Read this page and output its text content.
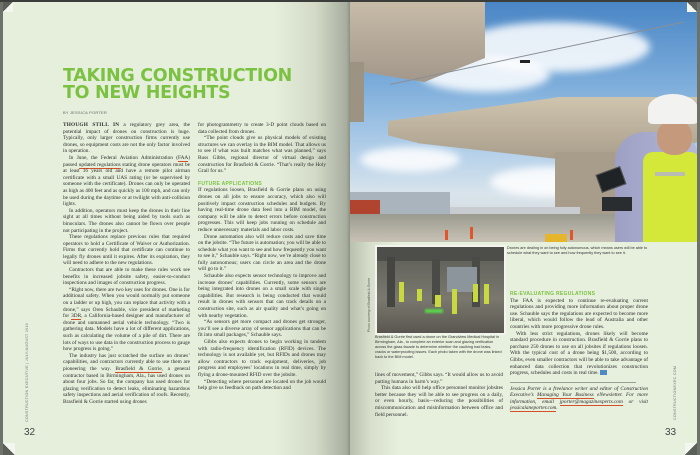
TAKING CONSTRUCTION
TO NEW HEIGHTS
BY JESSICA PORTER

THOUGH STILL IN a regulatory grey area, the potential impact of drones on construction is huge. Typically, only larger construction firms currently use drones, so equipment costs are not the only factor involved in operation.

In June, the Federal Aviation Administration (FAA) passed updated regulations stating drone operators must be at least 16 years old and have a remote pilot airman certificate with a small UAS rating (or be supervised by someone with the certificate). Drones can only be operated as high as 400 feet and as quickly as 100 mph, and can only be used during the daytime or at twilight with anti-collision lights.

In addition, operators must keep the drones in their line sight at all times without being aided by tools such as binoculars. The drones also cannot be flown over people not participating in the project.

These regulations replace previous rules that required operators to hold a Certificate of Waiver or Authorization. Firms that currently hold that certificate can continue to legally fly drones until it expires. After its expiration, they will need to adhere to the new regulations.

Contractors that are able to make these rules work see benefits in increased jobsite safety, easier-to-conduct inspections and images of construction progress.

“Right now, there are two key uses for drones. One is for additional safety. When you would normally put someone on a ladder or up high, you can replace that activity with a drone,” says Oren Schauble, vice president of marketing for 3DR, a California-based designer and manufacturer of drone and unmanned aerial vehicle technology. “Two is gathering data. Models have a lot of different applications, such as calculating the volume of a pile of dirt. There are lots of ways to use data in the construction process to gauge how progress is going.”

The industry has just scratched the surface on drones’ capabilities, and contractors currently able to use them are pioneering the way. Brasfield & Gorrie, a general contractor based in Birmingham, Ala., has used drones on about four jobs. So far, the company has used drones for glazing verification to detect leaks, eliminating hazardous safety inspections and aerial verification of roofs. Recently, Brasfield & Gorrie started using drones

for photogrammetry to create 3-D point clouds based on data collected from drones.

“The point clouds give us physical models of existing structures we can overlay in the BIM model. That allows us to see if what was built matches what was planned,” says Russ Gibbs, regional director of virtual design and construction for Brasfield & Gorrie. “That’s really the Holy Grail for us.”

FUTURE APPLICATIONS

If regulations loosen, Brasfield & Gorrie plans on using drones on all jobs to ensure accuracy, which also will positively impact construction schedules and budgets. By having real-time drone data feed into a BIM model, the company will be able to detect errors before construction progresses. This will keep jobs running on schedule and reduce unnecessary materials and labor costs.

Drone automation also will reduce costs and save time on the jobsite. “The future is automation; you will be able to schedule what you want to see and how frequently you want to see it,” Schauble says. “Right now, we’re already close to fully autonomous; users can circle an area and the drone will go to it.”

Schauble also expects sensor technology to improve and increase drones’ capabilities. Currently, some sensors are being integrated into drones on a small scale with single capabilities. But research is being conducted that would result in drones with sensors that can track details on a construction site, such as air quality and what’s going on with nearby vegetation.

“As sensors get more compact and drones get stronger, you’ll see a diverse array of sensor applications that can be fit into small packages,” Schauble says.

Gibbs also expects drones to begin working in tandem with radio-frequency identification (RFID) devices. The technology is not available yet, but RFIDs and drones may allow contractors to track equipment, deliveries, job progress and employees’ locations in real time, simply by flying a drone-mounted RFID over the jobsite.

“Detecting where personnel are located on the job would help give us feedback on path detection and

CONSTRUCTION EXECUTIVE | JULY/AUGUST 2016
32
Drones are dealing in on being fully autonomous, which means users will be able to schedule what they want to see and how frequently they want to see it.
Photo courtesy of Brasfield & Gorrie
Brasfield & Gorrie first used a drone on the Grandview Medical Hospital in Birmingham, Ala., to complete an exterior scan and glazing verification across the glass facade to determine whether the caulking had leaks, cracks or waterproofing issues. Each photo taken with the drone was linked back to the BIM model.

lines of movement,” Gibbs says. “It would allow us to avoid putting humans in harm’s way.”

This data also will help office personnel monitor jobsites better because they will be able to see progress on a daily, or even hourly, basis—reducing the possibilities of miscommunication and misinformation between office and field personnel.

RE-EVALUATING REGULATIONS

The FAA is expected to continue re-evaluating current regulations and providing more information about proper drone use. Schauble says the regulations are expected to become more liberal, which would follow the lead of Australia and other countries with more progressive drone rules.

With less strict regulations, drones likely will become standard procedure in construction. Brasfield & Gorrie plans to purchase 250 drones to use on all jobsites if regulations loosen. With the typical cost of a drone being $1,500, according to Gibbs, even smaller contractors will be able to take advantage of enhanced data collection that revolutionizes construction progress, schedules and costs in real time.

Jessica Porter is a freelance writer and editor of Construction Executive’s Managing Your Business eNewsletter. For more information, email jporter@magazinexperts.com or visit jessicalaneporter.com.	CONSTRUCTIONEXEC.COM
33
